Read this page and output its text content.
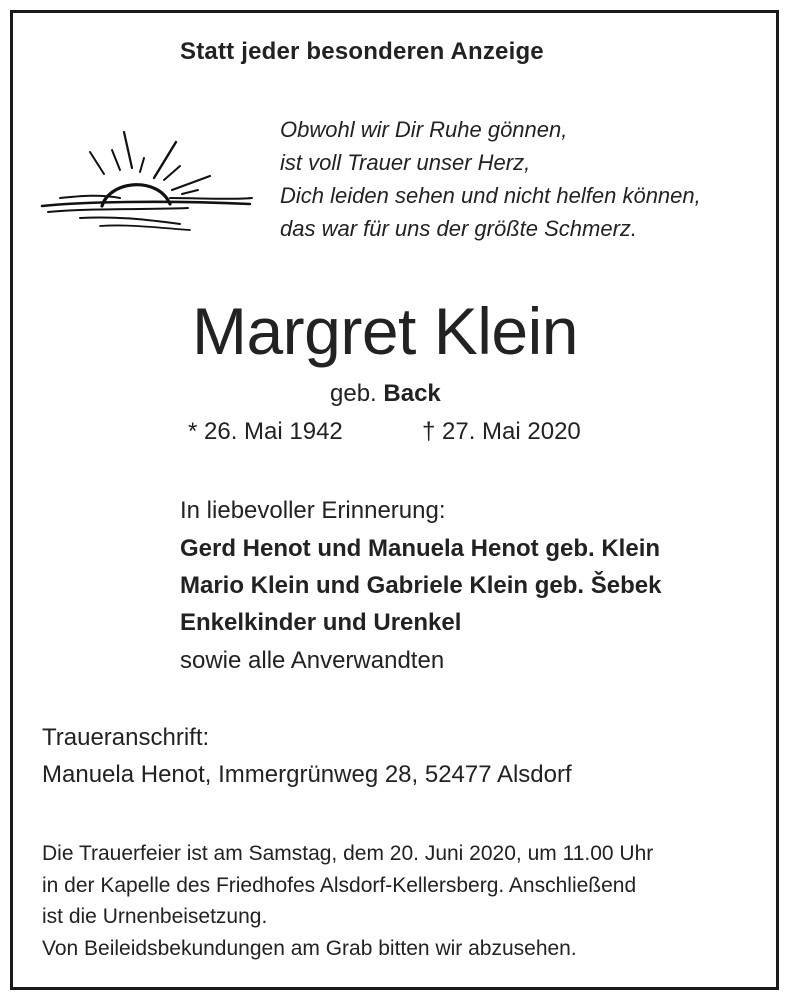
Statt jeder besonderen Anzeige
Obwohl wir Dir Ruhe gönnen,
ist voll Trauer unser Herz,
Dich leiden sehen und nicht helfen können,
das war für uns der größte Schmerz.
Margret Klein
geb. Back
* 26. Mai 1942	† 27. Mai 2020
In liebevoller Erinnerung:
Gerd Henot und Manuela Henot geb. Klein
Mario Klein und Gabriele Klein geb. Šebek
Enkelkinder und Urenkel
sowie alle Anverwandten
Traueranschrift:
Manuela Henot, Immergrünweg 28, 52477 Alsdorf
Die Trauerfeier ist am Samstag, dem 20. Juni 2020, um 11.00 Uhr
in der Kapelle des Friedhofes Alsdorf-Kellersberg. Anschließend
ist die Urnenbeisetzung.
Von Beileidsbekundungen am Grab bitten wir abzusehen.
